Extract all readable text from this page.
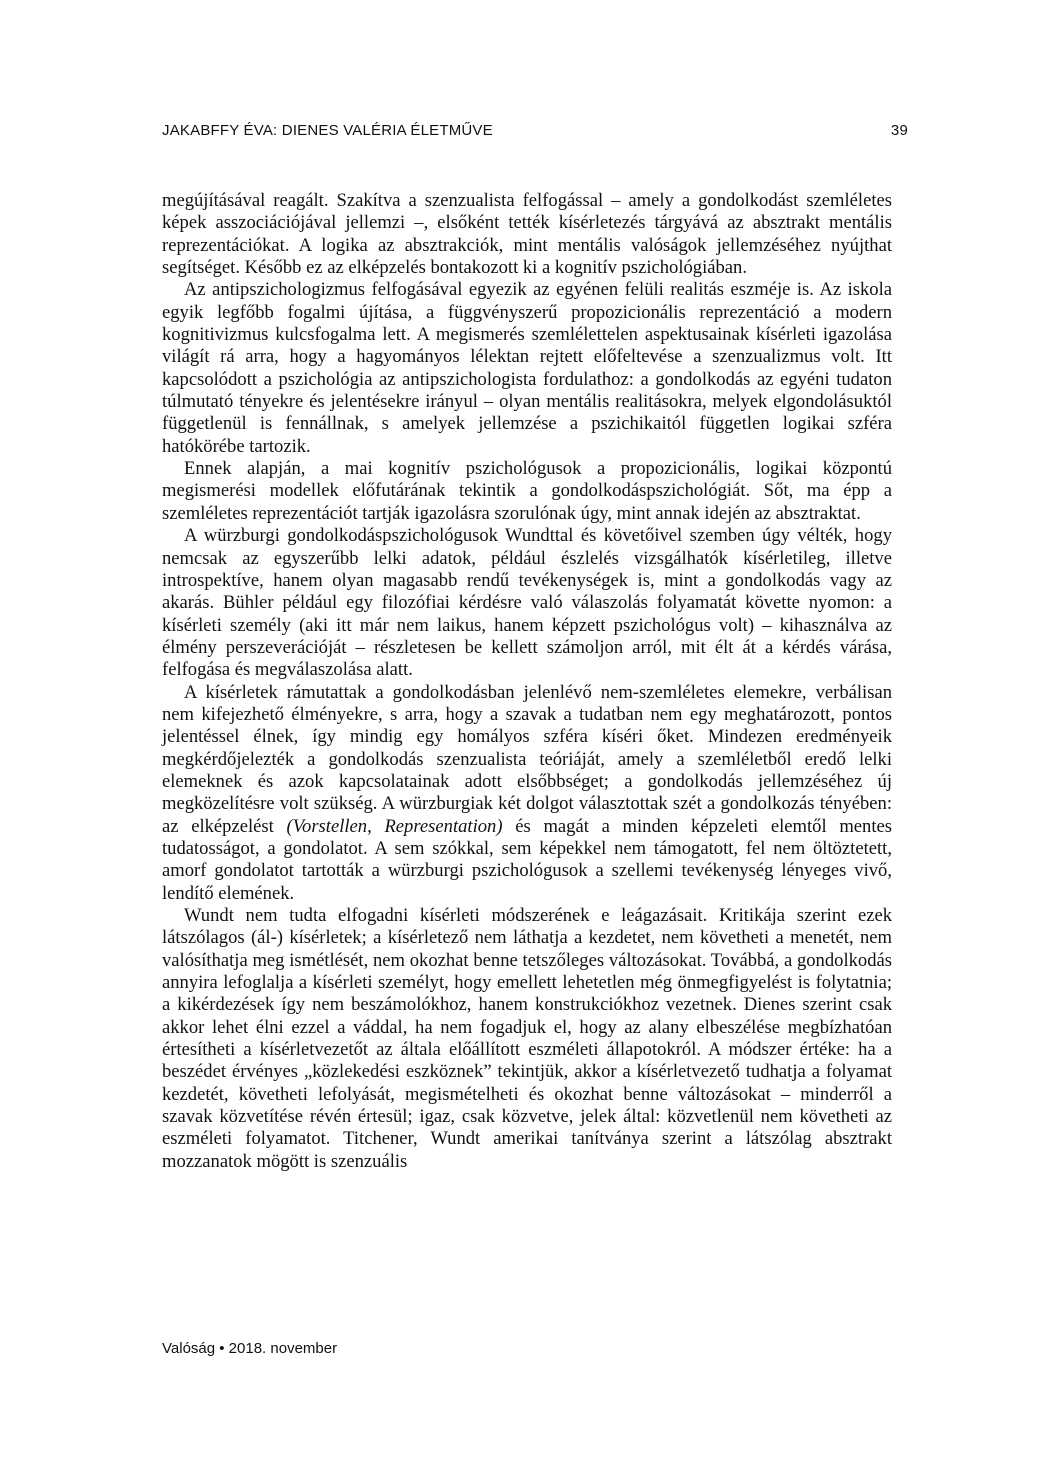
JAKABFFY ÉVA: DIENES VALÉRIA ÉLETMŰVE	39

megújításával reagált. Szakítva a szenzualista felfogással – amely a gondolkodást szemléletes képek asszociációjával jellemzi –, elsőként tették kísérletezés tárgyává az absztrakt mentális reprezentációkat. A logika az absztrakciók, mint mentális valóságok jellemzéséhez nyújthat segítséget. Később ez az elképzelés bontakozott ki a kognitív pszichológiában.

Az antipszichologizmus felfogásával egyezik az egyénen felüli realitás eszméje is. Az iskola egyik legfőbb fogalmi újítása, a függvényszerű propozicionális reprezentáció a modern kognitivizmus kulcsfogalma lett. A megismerés szemlélettelen aspektusainak kísérleti igazolása világít rá arra, hogy a hagyományos lélektan rejtett előfeltevése a szenzualizmus volt. Itt kapcsolódott a pszichológia az antipszichologista fordulathoz: a gondolkodás az egyéni tudaton túlmutató tényekre és jelentésekre irányul – olyan mentális realitásokra, melyek elgondolásuktól függetlenül is fennállnak, s amelyek jellemzése a pszichikaitól független logikai szféra hatókörébe tartozik.

Ennek alapján, a mai kognitív pszichológusok a propozicionális, logikai központú megismerési modellek előfutárának tekintik a gondolkodáspszichológiát. Sőt, ma épp a szemléletes reprezentációt tartják igazolásra szorulónak úgy, mint annak idején az absztraktat.

A würzburgi gondolkodáspszichológusok Wundttal és követőivel szemben úgy vélték, hogy nemcsak az egyszerűbb lelki adatok, például észlelés vizsgálhatók kísérletileg, illetve introspektíve, hanem olyan magasabb rendű tevékenységek is, mint a gondolkodás vagy az akarás. Bühler például egy filozófiai kérdésre való válaszolás folyamatát követte nyomon: a kísérleti személy (aki itt már nem laikus, hanem képzett pszichológus volt) – kihasználva az élmény perszeverációját – részletesen be kellett számoljon arról, mit élt át a kérdés várása, felfogása és megválaszolása alatt.

A kísérletek rámutattak a gondolkodásban jelenlévő nem-szemléletes elemekre, verbálisan nem kifejezhető élményekre, s arra, hogy a szavak a tudatban nem egy meghatározott, pontos jelentéssel élnek, így mindig egy homályos szféra kíséri őket. Mindezen eredményeik megkérdőjelezték a gondolkodás szenzualista teóriáját, amely a szemléletből eredő lelki elemeknek és azok kapcsolatainak adott elsőbbséget; a gondolkodás jellemzéséhez új megközelítésre volt szükség. A würzburgiak két dolgot választottak szét a gondolkozás tényében: az elképzelést (Vorstellen, Representation) és magát a minden képzeleti elemtől mentes tudatosságot, a gondolatot. A sem szókkal, sem képekkel nem támogatott, fel nem öltöztetett, amorf gondolatot tartották a würzburgi pszichológusok a szellemi tevékenység lényeges vivő, lendítő elemének.

Wundt nem tudta elfogadni kísérleti módszerének e leágazásait. Kritikája szerint ezek látszólagos (ál-) kísérletek; a kísérletező nem láthatja a kezdetet, nem követheti a menetét, nem valósíthatja meg ismétlését, nem okozhat benne tetszőleges változásokat. Továbbá, a gondolkodás annyira lefoglalja a kísérleti személyt, hogy emellett lehetetlen még önmegfigyelést is folytatnia; a kikérdezések így nem beszámolókhoz, hanem konstrukciókhoz vezetnek. Dienes szerint csak akkor lehet élni ezzel a váddal, ha nem fogadjuk el, hogy az alany elbeszélése megbízhatóan értesítheti a kísérletvezetőt az általa előállított eszméleti állapotokról. A módszer értéke: ha a beszédet érvényes „közlekedési eszköznek” tekintjük, akkor a kísérletvezető tudhatja a folyamat kezdetét, követheti lefolyását, megismételheti és okozhat benne változásokat – minderről a szavak közvetítése révén értesül; igaz, csak közvetve, jelek által: közvetlenül nem követheti az eszméleti folyamatot. Titchener, Wundt amerikai tanítványa szerint a látszólag absztrakt mozzanatok mögött is szenzuális

Valóság • 2018. november
